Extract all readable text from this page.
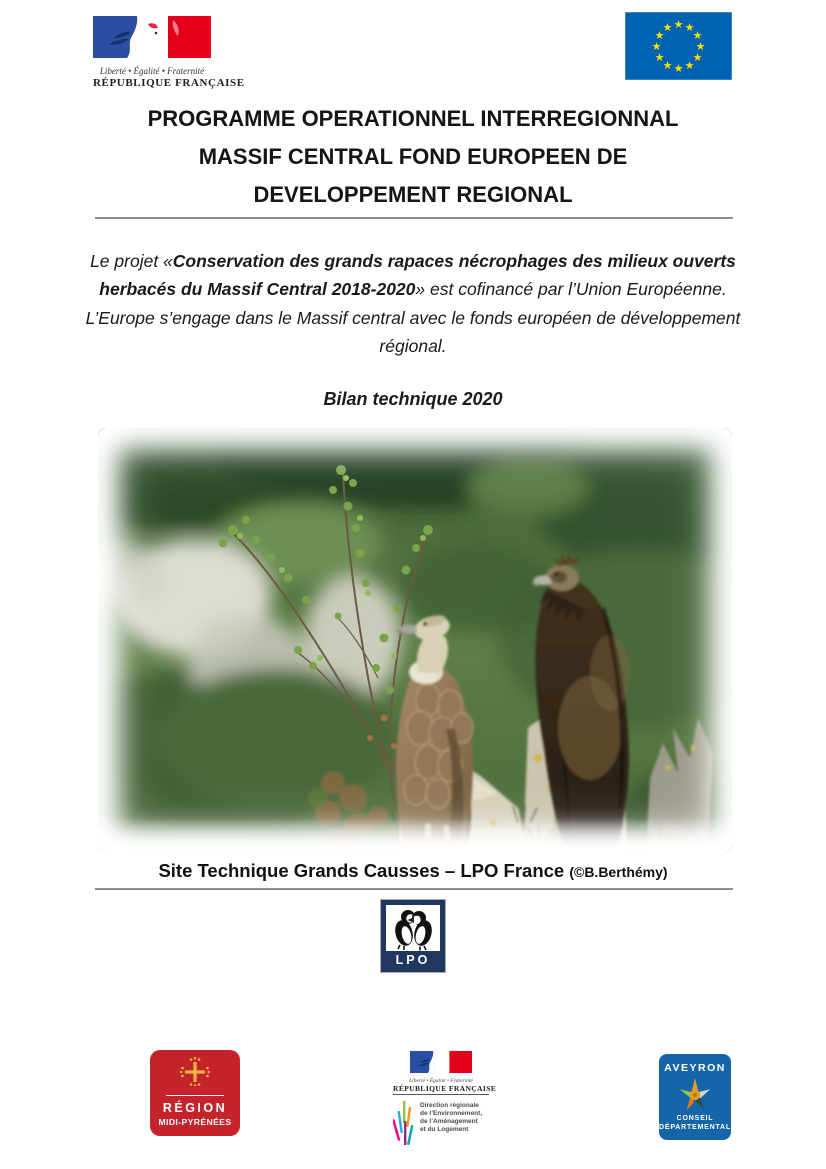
Liberté • Égalité • Fraternité
RÉPUBLIQUE FRANÇAISE
★ ★
★
★
★
★
★
★
★
★
★
★
PROGRAMME OPERATIONNEL INTERREGIONNAL
MASSIF CENTRAL FOND EUROPEEN DE
DEVELOPPEMENT REGIONAL

Le projet «Conservation des grands rapaces nécrophages des milieux ouverts herbacés du Massif Central 2018-2020» est cofinancé par l’Union Européenne. L’Europe s’engage dans le Massif central avec le fonds européen de développement régional.

Bilan technique 2020
Site Technique Grands Causses – LPO France (©B.Berthémy)
LPO
RÉGION
MIDI-PYRÉNÉES
Liberté • Égalité • Fraternité
RÉPUBLIQUE FRANÇAISE
Direction régionale
de l’Environnement,
de l’Aménagement
et du Logement
AVEYRON
CONSEIL
DÉPARTEMENTAL
